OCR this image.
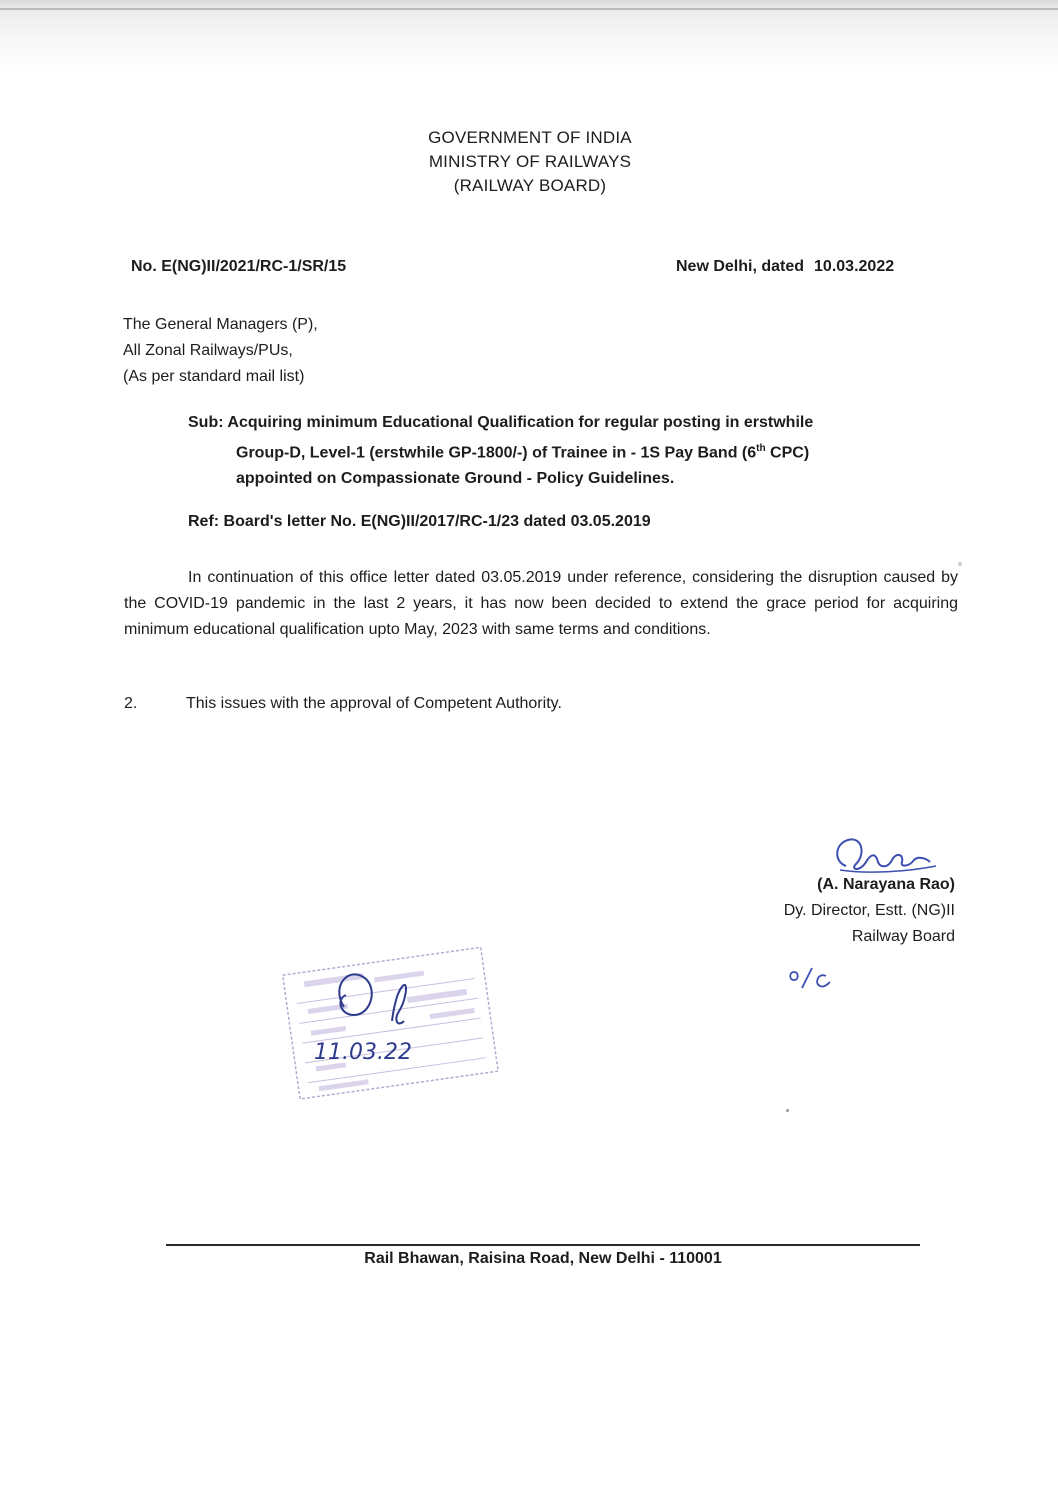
GOVERNMENT OF INDIA
MINISTRY OF RAILWAYS
(RAILWAY BOARD)
No. E(NG)II/2021/RC-1/SR/15	New Delhi, dated 10.03.2022
The General Managers (P),
All Zonal Railways/PUs,
(As per standard mail list)
Sub: Acquiring minimum Educational Qualification for regular posting in erstwhile
Group-D, Level-1 (erstwhile GP-1800/-) of Trainee in - 1S Pay Band (6th CPC)
appointed on Compassionate Ground - Policy Guidelines.
Ref: Board's letter No. E(NG)II/2017/RC-1/23 dated 03.05.2019
In continuation of this office letter dated 03.05.2019 under reference, considering the disruption caused by the COVID-19 pandemic in the last 2 years, it has now been decided to extend the grace period for acquiring minimum educational qualification upto May, 2023 with same terms and conditions.
2.	This issues with the approval of Competent Authority.
(A. Narayana Rao)
Dy. Director, Estt. (NG)II
Railway Board
11.03.22
Rail Bhawan, Raisina Road, New Delhi - 110001
